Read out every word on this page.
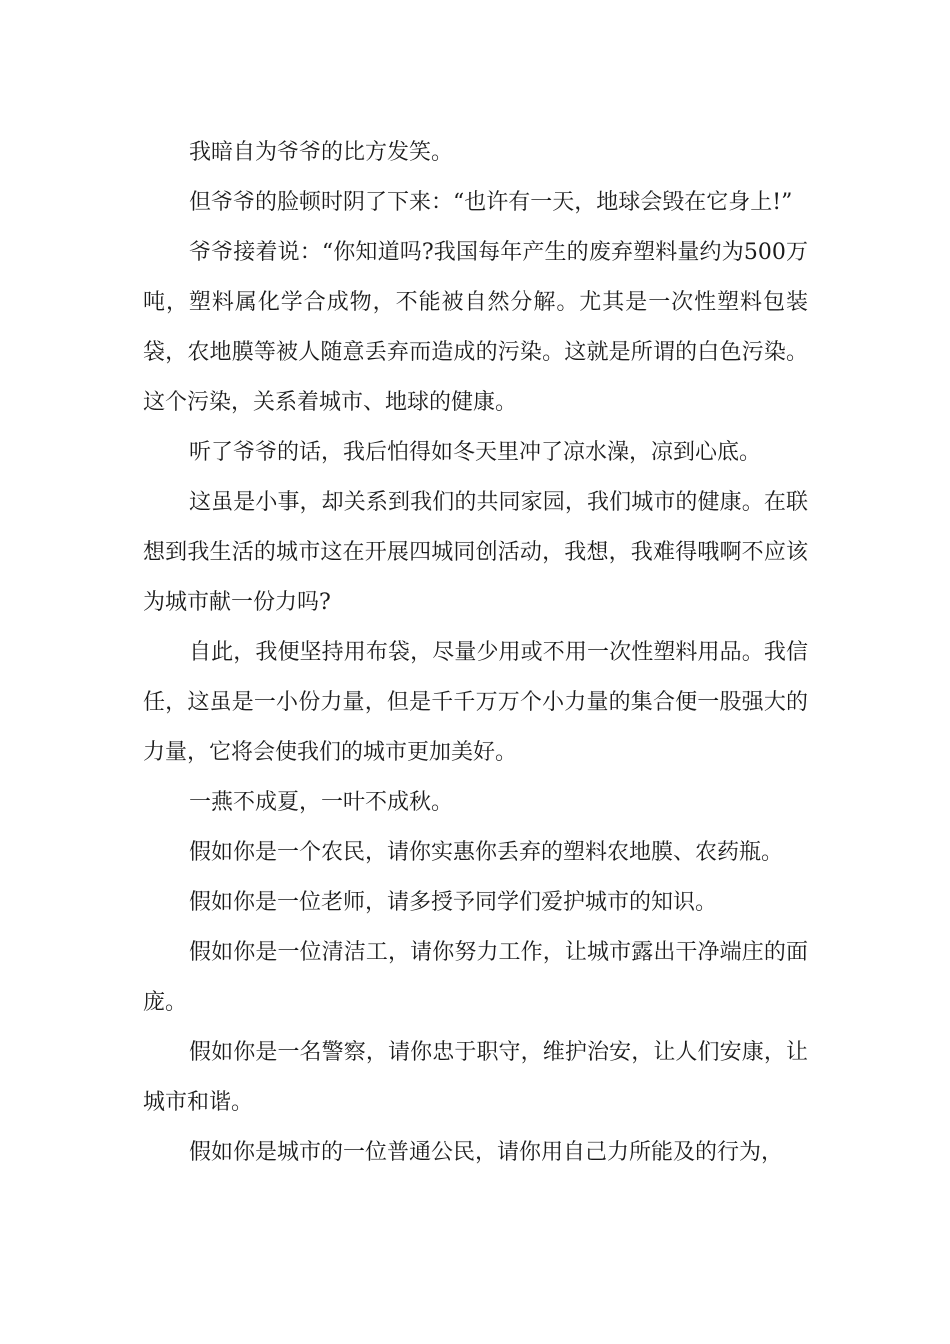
我暗自为爷爷的比方发笑。

但爷爷的脸顿时阴了下来：“也许有一天，地球会毁在它身上!”

爷爷接着说：“你知道吗?我国每年产生的废弃塑料量约为500万吨，塑料属化学合成物，不能被自然分解。尤其是一次性塑料包装袋，农地膜等被人随意丢弃而造成的污染。这就是所谓的白色污染。这个污染，关系着城市、地球的健康。

听了爷爷的话，我后怕得如冬天里冲了凉水澡，凉到心底。

这虽是小事，却关系到我们的共同家园，我们城市的健康。在联想到我生活的城市这在开展四城同创活动，我想，我难得哦啊不应该为城市献一份力吗?

自此，我便坚持用布袋，尽量少用或不用一次性塑料用品。我信任，这虽是一小份力量，但是千千万万个小力量的集合便一股强大的力量，它将会使我们的城市更加美好。

一燕不成夏，一叶不成秋。

假如你是一个农民，请你实惠你丢弃的塑料农地膜、农药瓶。

假如你是一位老师，请多授予同学们爱护城市的知识。

假如你是一位清洁工，请你努力工作，让城市露出干净端庄的面庞。

假如你是一名警察，请你忠于职守，维护治安，让人们安康，让城市和谐。

假如你是城市的一位普通公民，请你用自己力所能及的行为，
